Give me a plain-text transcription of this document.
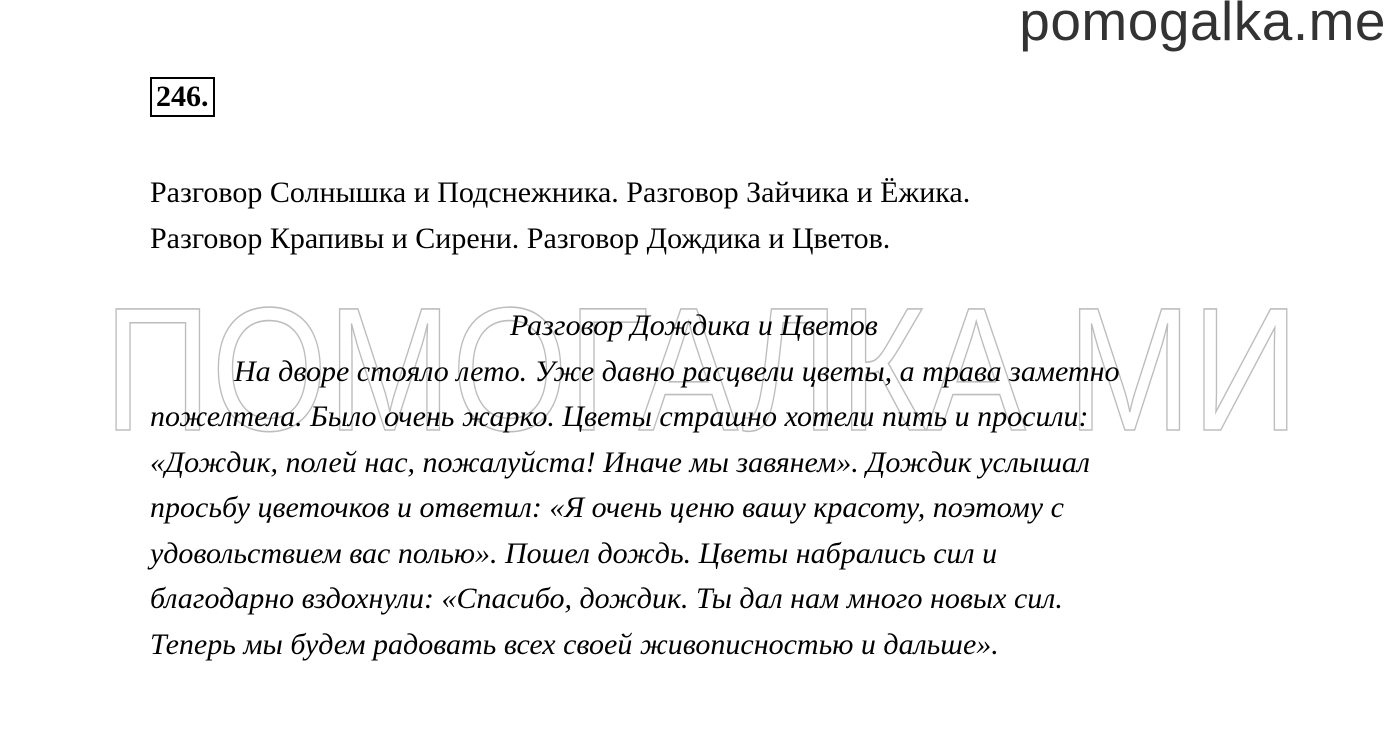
pomogalka.me
ПОМОГАЛКА МИ
246.
Разговор Солнышка и Подснежника. Разговор Зайчика и Ёжика.
Разговор Крапивы и Сирени. Разговор Дождика и Цветов.
Разговор Дождика и Цветов
На дворе стояло лето. Уже давно расцвели цветы, а трава заметно
пожелтела. Было очень жарко. Цветы страшно хотели пить и просили:
«Дождик, полей нас, пожалуйста! Иначе мы завянем». Дождик услышал
просьбу цветочков и ответил: «Я очень ценю вашу красоту, поэтому с
удовольствием вас полью». Пошел дождь. Цветы набрались сил и
благодарно вздохнули: «Спасибо, дождик. Ты дал нам много новых сил.
Теперь мы будем радовать всех своей живописностью и дальше».
